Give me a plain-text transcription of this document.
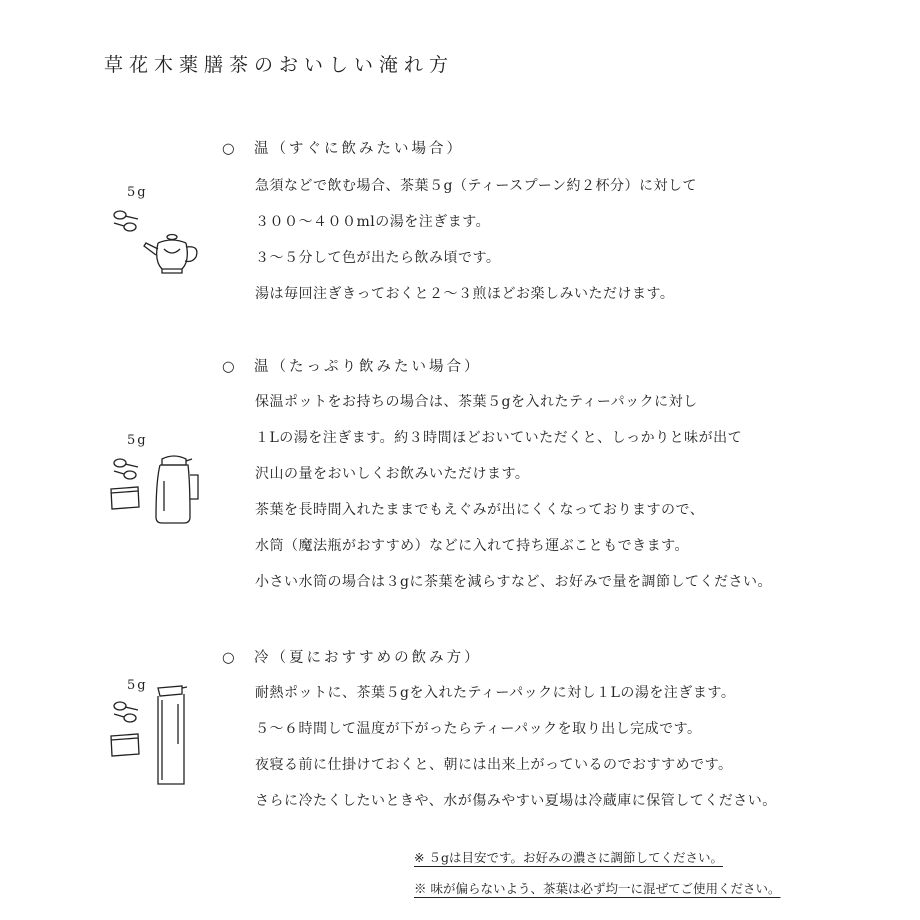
草花木薬膳茶のおいしい淹れ方
○ 温（すぐに飲みたい場合）
急須などで飲む場合、茶葉５g（ティースプーン約２杯分）に対して
３００～４００mlの湯を注ぎます。
３～５分して色が出たら飲み頃です。
湯は毎回注ぎきっておくと２～３煎ほどお楽しみいただけます。
5g
○ 温（たっぷり飲みたい場合）
保温ポットをお持ちの場合は、茶葉５gを入れたティーパックに対し
１Lの湯を注ぎます。約３時間ほどおいていただくと、しっかりと味が出て
沢山の量をおいしくお飲みいただけます。
茶葉を長時間入れたままでもえぐみが出にくくなっておりますので、
水筒（魔法瓶がおすすめ）などに入れて持ち運ぶこともできます。
小さい水筒の場合は３gに茶葉を減らすなど、お好みで量を調節してください。
5g
○ 冷（夏におすすめの飲み方）
耐熱ポットに、茶葉５gを入れたティーパックに対し１Lの湯を注ぎます。
５～６時間して温度が下がったらティーパックを取り出し完成です。
夜寝る前に仕掛けておくと、朝には出来上がっているのでおすすめです。
さらに冷たくしたいときや、水が傷みやすい夏場は冷蔵庫に保管してください。
5g
※ ５gは目安です。お好みの濃さに調節してください。
※ 味が偏らないよう、茶葉は必ず均一に混ぜてご使用ください。
